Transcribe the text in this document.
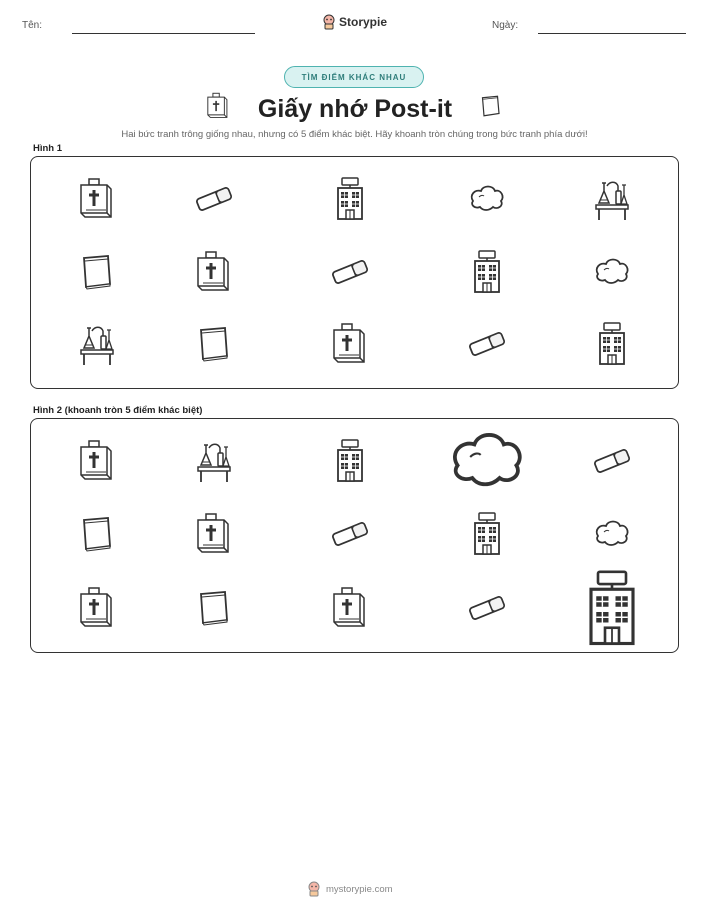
Tên:	Storypie	Ngày:
TÌM ĐIỂM KHÁC NHAU
Giấy nhớ Post-it
Hai bức tranh trông giống nhau, nhưng có 5 điểm khác biệt. Hãy khoanh tròn chúng trong bức tranh phía dưới!
Hình 1
Hình 2 (khoanh tròn 5 điểm khác biệt)
mystorypie.com
